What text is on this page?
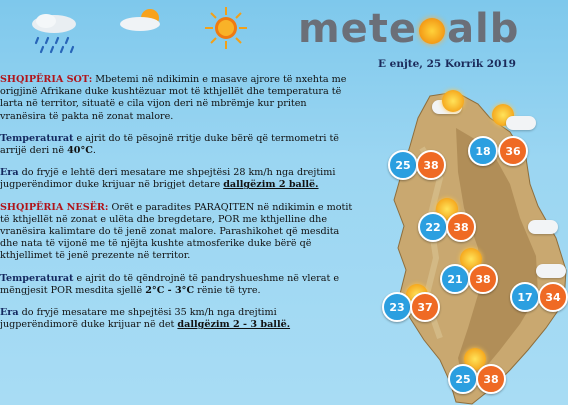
mete alb
E enjte, 25 Korrik 2019

SHQIPËRIA SOT: Mbetemi në ndikimin e masave ajrore të nxehta me origjinë Afrikane duke kushtëzuar mot të kthjellët dhe temperatura të larta në territor, situatë e cila vijon deri në mbrëmje kur priten vranësira të pakta në zonat malore.

Temperaturat e ajrit do të pësojnë rritje duke bërë që termometri të arrijë deri në 40°C.

Era do fryjë e lehtë deri mesatare me shpejtësi 28 km/h nga drejtimi jugperëndimor duke krijuar në brigjet detare dallgëzim 2 ballë.

SHQIPËRIA NESËR: Orët e paradites PARAQITEN në ndikimin e motit të kthjellët në zonat e ulëta dhe bregdetare, POR me kthjelline dhe vranësira kalimtare do të jenë zonat malore. Parashikohet që mesdita dhe nata të vijonë me të njëjta kushte atmosferike duke bërë që kthjellimet të jenë prezente në territor.

Temperaturat e ajrit do të qëndrojnë të pandryshueshme në vlerat e mëngjesit POR mesdita sjellë 2°C - 3°C rënie të tyre.

Era do fryjë mesatare me shpejtësi 35 km/h nga drejtimi jugperëndimorë duke krijuar në det dallgëzim 2 - 3 ballë.

25	38
18	36
22	38
21	38
23	37
17	34
25	38
